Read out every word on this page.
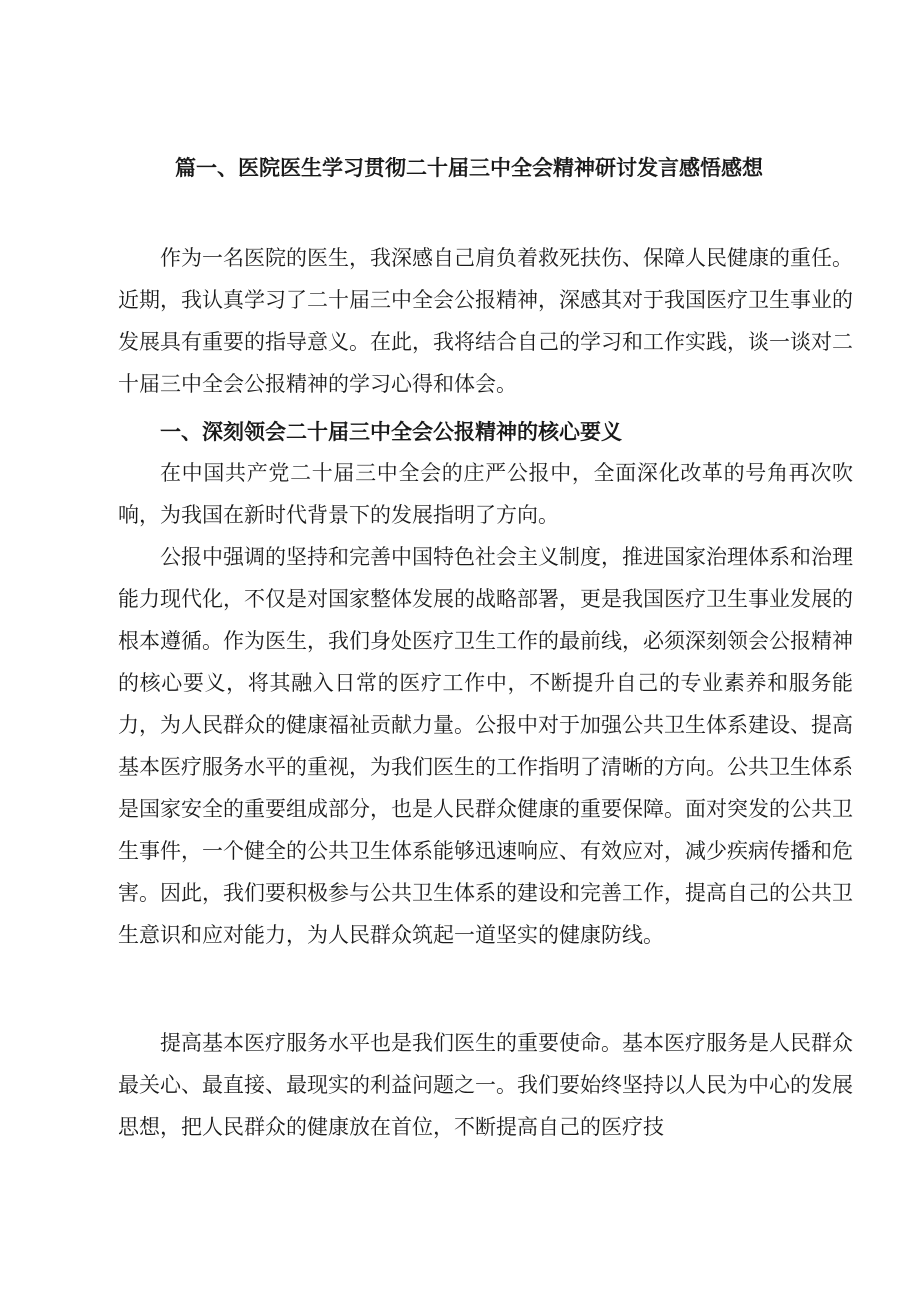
篇一、医院医生学习贯彻二十届三中全会精神研讨发言感悟感想

作为一名医院的医生，我深感自己肩负着救死扶伤、保障人民健康的重任。近期，我认真学习了二十届三中全会公报精神，深感其对于我国医疗卫生事业的发展具有重要的指导意义。在此，我将结合自己的学习和工作实践，谈一谈对二十届三中全会公报精神的学习心得和体会。

一、深刻领会二十届三中全会公报精神的核心要义

在中国共产党二十届三中全会的庄严公报中，全面深化改革的号角再次吹响，为我国在新时代背景下的发展指明了方向。

公报中强调的坚持和完善中国特色社会主义制度，推进国家治理体系和治理能力现代化，不仅是对国家整体发展的战略部署，更是我国医疗卫生事业发展的根本遵循。作为医生，我们身处医疗卫生工作的最前线，必须深刻领会公报精神的核心要义，将其融入日常的医疗工作中，不断提升自己的专业素养和服务能力，为人民群众的健康福祉贡献力量。公报中对于加强公共卫生体系建设、提高基本医疗服务水平的重视，为我们医生的工作指明了清晰的方向。公共卫生体系是国家安全的重要组成部分，也是人民群众健康的重要保障。面对突发的公共卫生事件，一个健全的公共卫生体系能够迅速响应、有效应对，减少疾病传播和危害。因此，我们要积极参与公共卫生体系的建设和完善工作，提高自己的公共卫生意识和应对能力，为人民群众筑起一道坚实的健康防线。

提高基本医疗服务水平也是我们医生的重要使命。基本医疗服务是人民群众最关心、最直接、最现实的利益问题之一。我们要始终坚持以人民为中心的发展思想，把人民群众的健康放在首位，不断提高自己的医疗技
